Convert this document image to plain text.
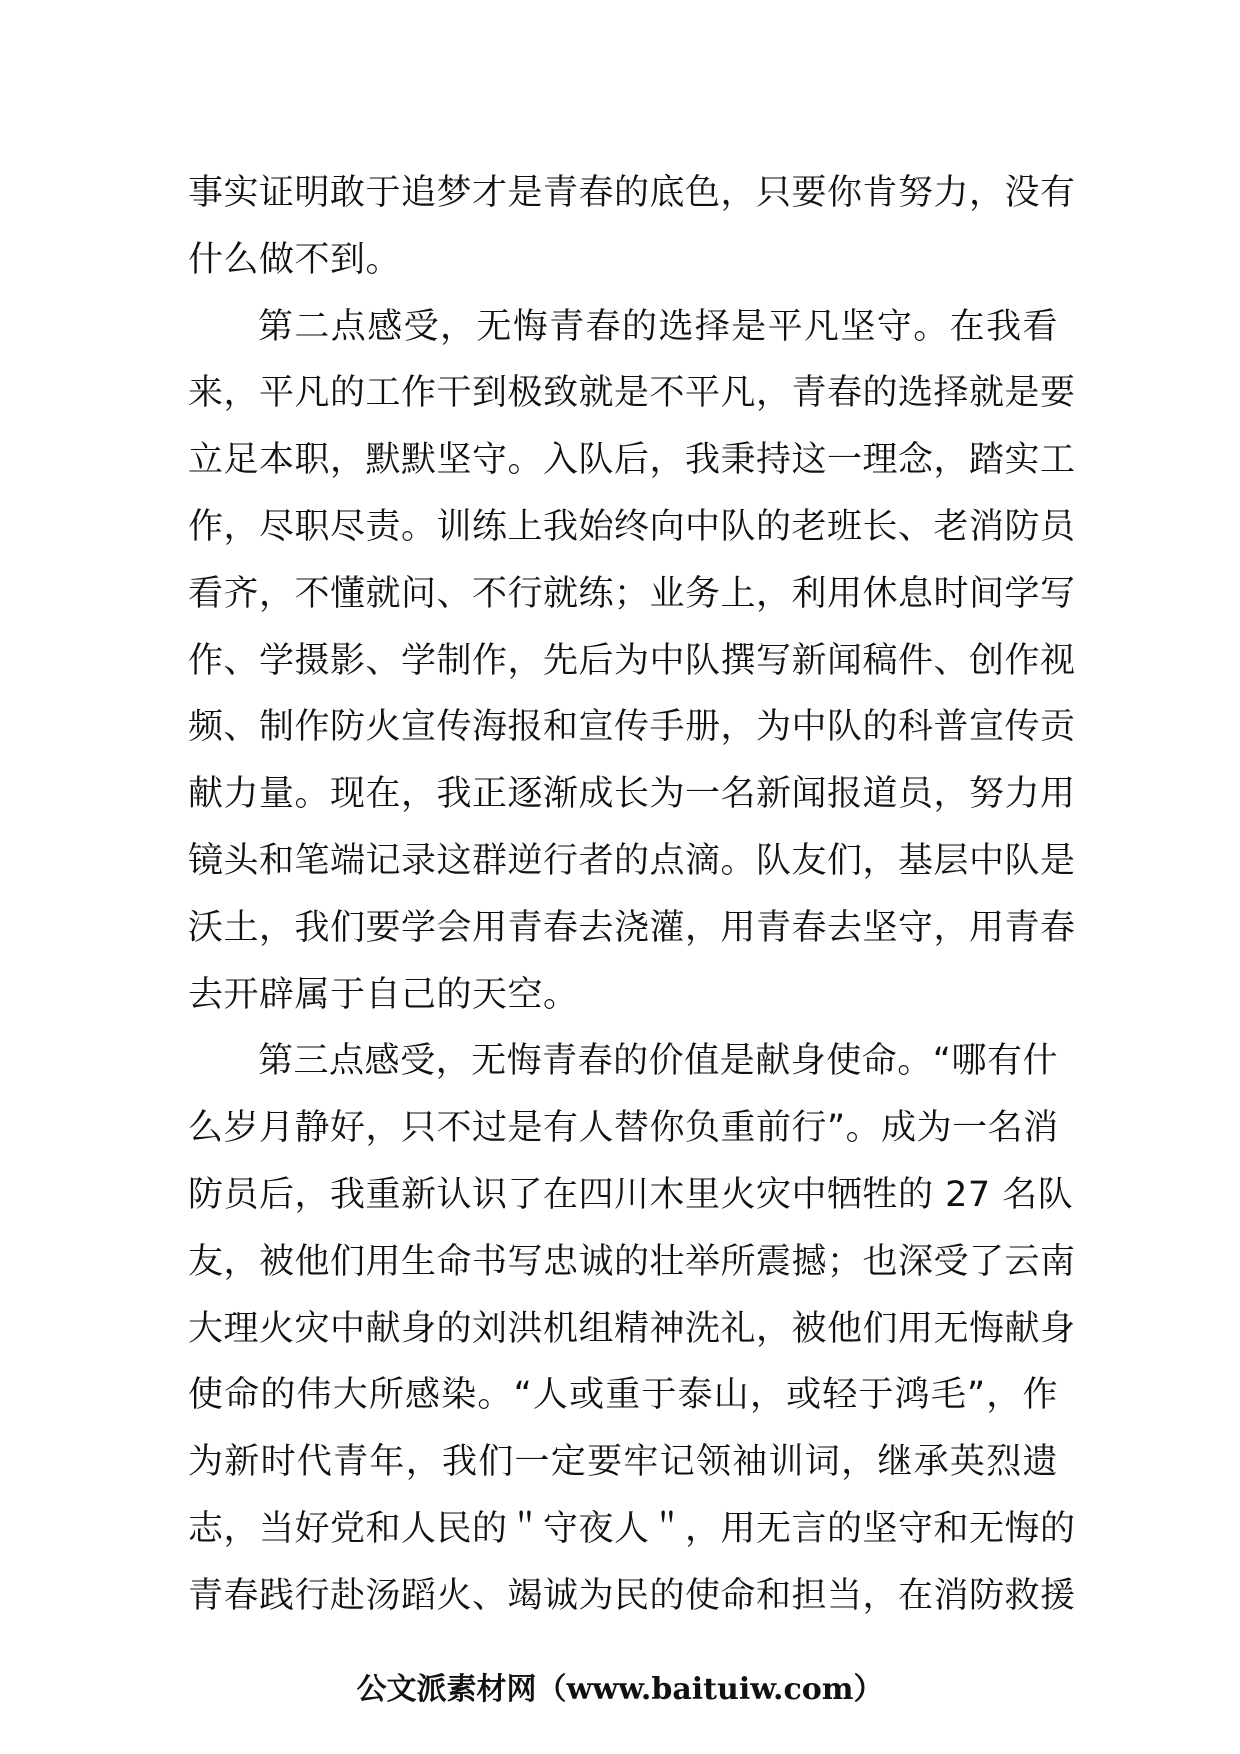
事实证明敢于追梦才是青春的底色，只要你肯努力，没有
什么做不到。
第二点感受，无悔青春的选择是平凡坚守。在我看
来，平凡的工作干到极致就是不平凡，青春的选择就是要
立足本职，默默坚守。入队后，我秉持这一理念，踏实工
作，尽职尽责。训练上我始终向中队的老班长、老消防员
看齐，不懂就问、不行就练；业务上，利用休息时间学写
作、学摄影、学制作，先后为中队撰写新闻稿件、创作视
频、制作防火宣传海报和宣传手册，为中队的科普宣传贡
献力量。现在，我正逐渐成长为一名新闻报道员，努力用
镜头和笔端记录这群逆行者的点滴。队友们，基层中队是
沃土，我们要学会用青春去浇灌，用青春去坚守，用青春
去开辟属于自己的天空。
第三点感受，无悔青春的价值是献身使命。“哪有什
么岁月静好，只不过是有人替你负重前行”。成为一名消
防员后，我重新认识了在四川木里火灾中牺牲的 27 名队
友，被他们用生命书写忠诚的壮举所震撼；也深受了云南
大理火灾中献身的刘洪机组精神洗礼，被他们用无悔献身
使命的伟大所感染。“人或重于泰山，或轻于鸿毛”，作
为新时代青年，我们一定要牢记领袖训词，继承英烈遗
志，当好党和人民的＂守夜人＂，用无言的坚守和无悔的
青春践行赴汤蹈火、竭诚为民的使命和担当，在消防救援
公文派素材网（www.baituiw.com）
